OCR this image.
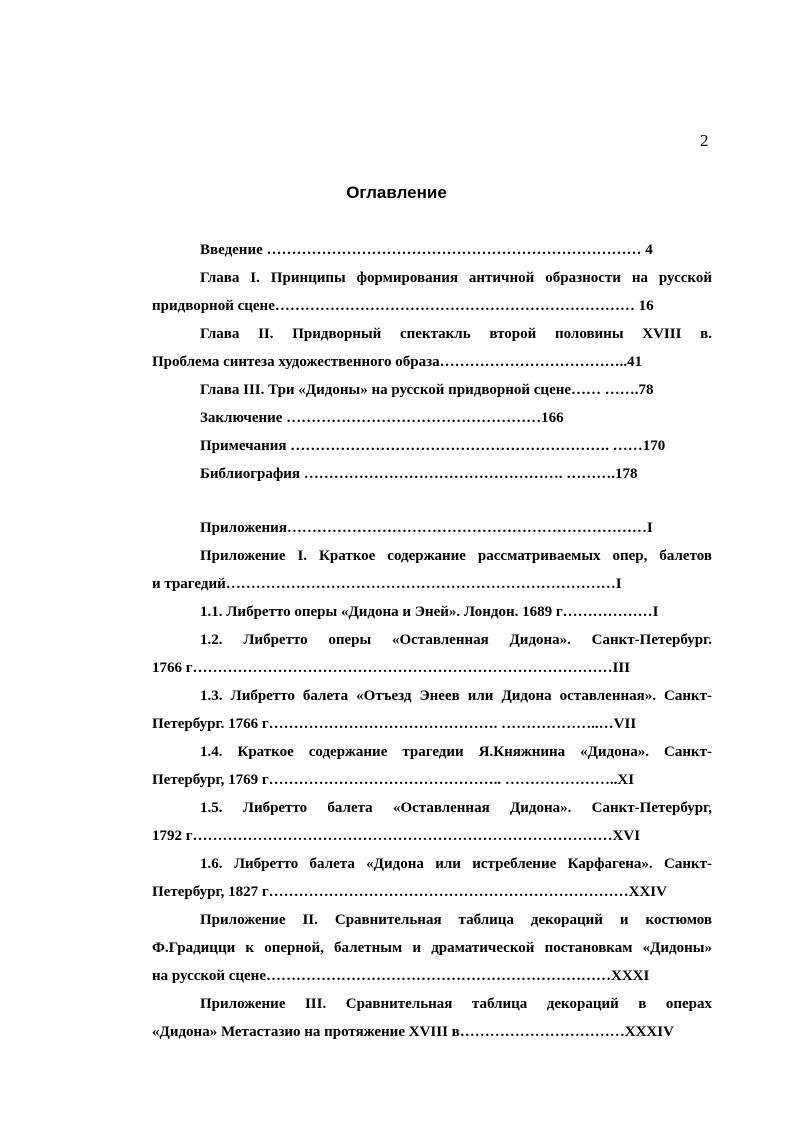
2
Оглавление
Введение ………………………………………………………………… 4
Глава I. Принципы формирования античной образности на русской
придворной сцене……………………………………………………………… 16
Глава II. Придворный спектакль второй половины XVIII в.
Проблема синтеза художественного образа………………………………..41
Глава III. Три «Дидоны» на русской придворной сцене…… …….78
Заключение ……………………………………………166
Примечания ………………………………………………………. ……170
Библиография ……………………………………………. ……….178
Приложения………………………………………………………………I
Приложение I. Краткое содержание рассматриваемых опер, балетов
и трагедий……………………………………………………………………I
1.1. Либретто оперы «Дидона и Эней». Лондон. 1689 г………………I
1.2. Либретто оперы «Оставленная Дидона». Санкт-Петербург.
1766 г…………………………………………………………………………III
1.3. Либретто балета «Отъезд Энеев или Дидона оставленная». Санкт-
Петербург. 1766 г………………………………………. ………………..…VII
1.4. Краткое содержание трагедии Я.Княжнина «Дидона». Санкт-
Петербург, 1769 г……………………………………….. …………………..XI
1.5. Либретто балета «Оставленная Дидона». Санкт-Петербург,
1792 г…………………………………………………………………………XVI
1.6. Либретто балета «Дидона или истребление Карфагена». Санкт-
Петербург, 1827 г………………………………………………………………XXIV
Приложение II. Сравнительная таблица декораций и костюмов
Ф.Градицци к оперной, балетным и драматической постановкам «Дидоны»
на русской сцене……………………………………………………………XXXI
Приложение III. Сравнительная таблица декораций в операх
«Дидона» Метастазио на протяжение XVIII в……………………………XXXIV
